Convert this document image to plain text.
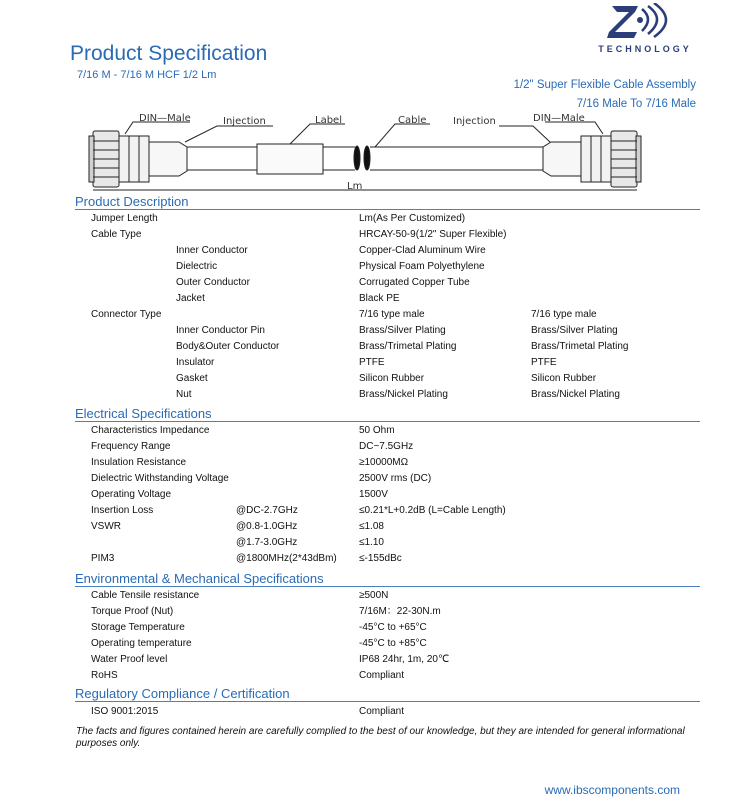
Product Specification
7/16 M - 7/16 M HCF 1/2 Lm
TECHNOLOGY
1/2" Super Flexible Cable Assembly
7/16 Male To 7/16 Male
DIN—Male	Injection	Label	Cable	Injection	DIN—Male
Lm
Product Description
Jumper Length	Lm(As Per Customized)
Cable Type	HRCAY-50-9(1/2" Super Flexible)
Inner Conductor	Copper-Clad Aluminum Wire
Dielectric	Physical Foam Polyethylene
Outer Conductor	Corrugated Copper Tube
Jacket	Black PE
Connector Type	7/16 type male	7/16 type male
Inner Conductor Pin	Brass/Silver Plating	Brass/Silver Plating
Body&Outer Conductor	Brass/Trimetal Plating	Brass/Trimetal Plating
Insulator	PTFE	PTFE
Gasket	Silicon Rubber	Silicon Rubber
Nut	Brass/Nickel Plating	Brass/Nickel Plating
Electrical Specifications
Characteristics Impedance	50 Ohm
Frequency Range	DC~7.5GHz
Insulation Resistance	≥10000MΩ
Dielectric Withstanding Voltage	2500V rms (DC)
Operating Voltage	1500V
Insertion Loss	@DC-2.7GHz	≤0.21*L+0.2dB (L=Cable Length)
VSWR	@0.8-1.0GHz	≤1.08
@1.7-3.0GHz	≤1.10
PIM3	@1800MHz(2*43dBm) ≤-155dBc
Environmental & Mechanical Specifications
Cable Tensile resistance	≥500N
Torque Proof (Nut)	7/16M：22-30N.m
Storage Temperature	-45°C to +65°C
Operating temperature	-45°C to +85°C
Water Proof level	IP68 24hr, 1m, 20℃
RoHS	Compliant
Regulatory Compliance / Certification
ISO 9001:2015	Compliant
The facts and figures contained herein are carefully complied to the best of our knowledge, but they are intended for general informational purposes only.
www.ibscomponents.com
